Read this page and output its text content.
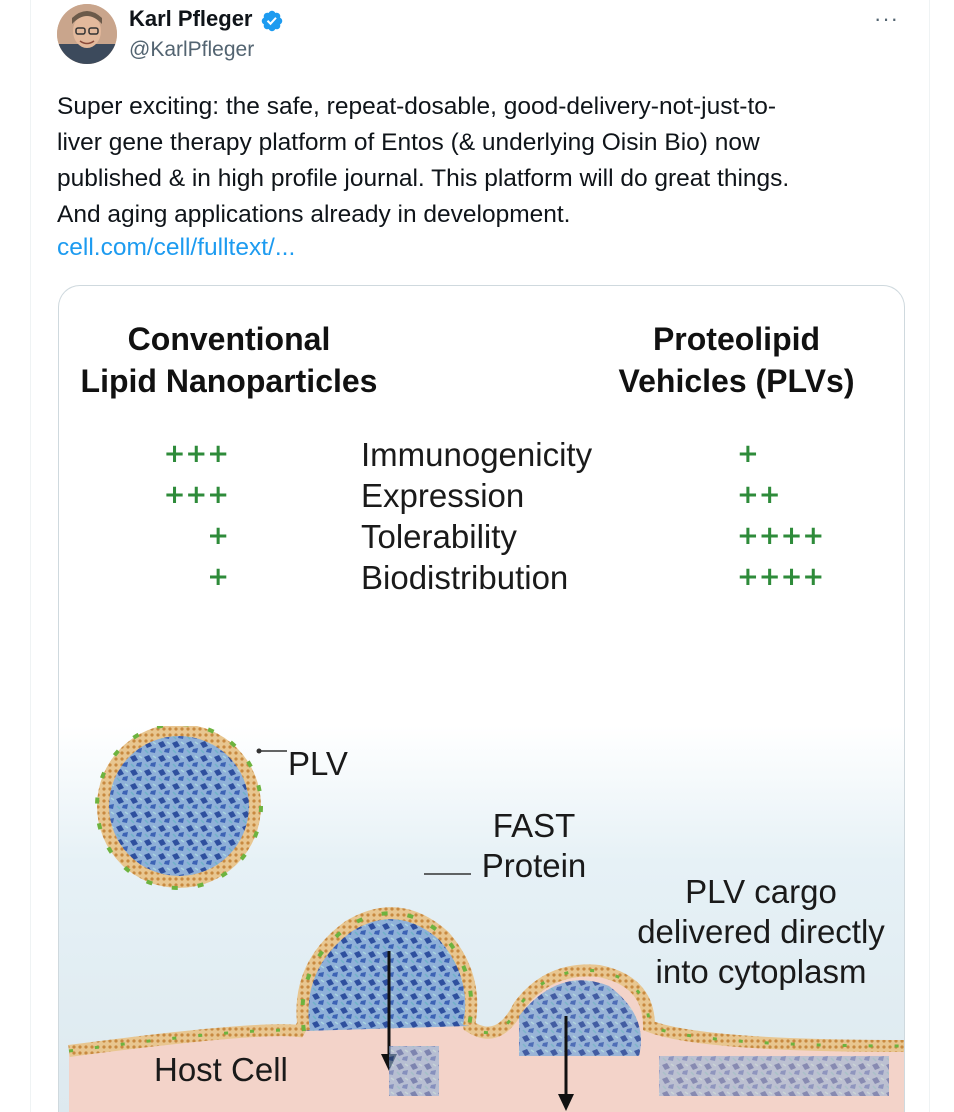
Karl Pfleger
@KarlPfleger
···

Super exciting: the safe, repeat-dosable, good-delivery-not-just-to-

liver gene therapy platform of Entos (& underlying Oisin Bio) now

published & in high profile journal. This platform will do great things.

And aging applications already in development.

cell.com/cell/fulltext/...
Conventional
Lipid Nanoparticles
Proteolipid
Vehicles (PLVs)
+++	Immunogenicity	+
+++	Expression	++
+	Tolerability	++++
+	Biodistribution	++++
PLV
FAST
Protein
PLV cargo
delivered directly
into cytoplasm
Host Cell
